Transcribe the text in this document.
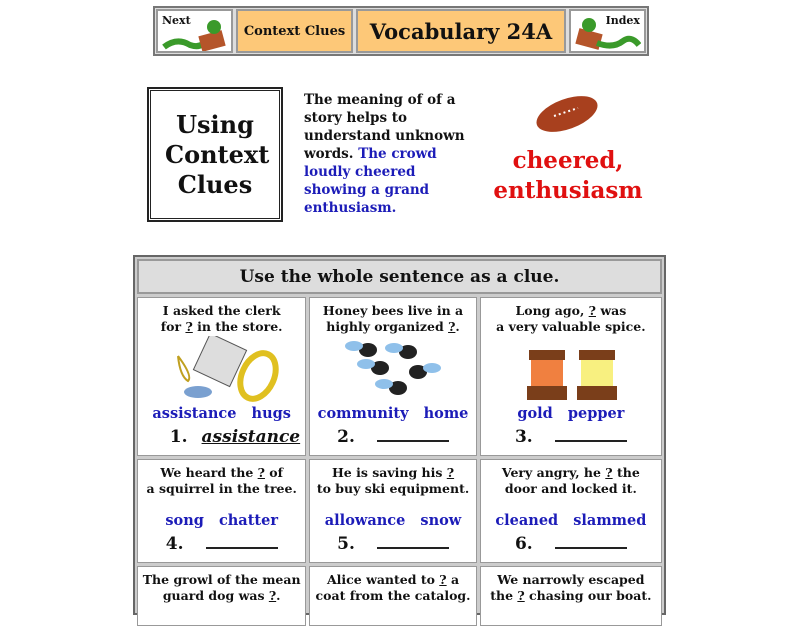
Next
Context Clues	Vocabulary 24A	Index
Using Context Clues
The meaning of of a story helps to understand unknown words. The crowd loudly cheered showing a grand enthusiasm.
cheered, enthusiasm
Use the whole sentence as a clue.
I asked the clerk
for ? in the store.
assistance hugs
1. assistance
Honey bees live in a
highly organized ?.
community home
2.
Long ago, ? was
a very valuable spice.
gold pepper
3.
We heard the ? of
a squirrel in the tree.
song chatter
4.
He is saving his ?
to buy ski equipment.
allowance snow
5.
Very angry, he ? the
door and locked it.
cleaned slammed
6.
The growl of the mean
guard dog was ?.
Alice wanted to ? a
coat from the catalog.
We narrowly escaped
the ? chasing our boat.
